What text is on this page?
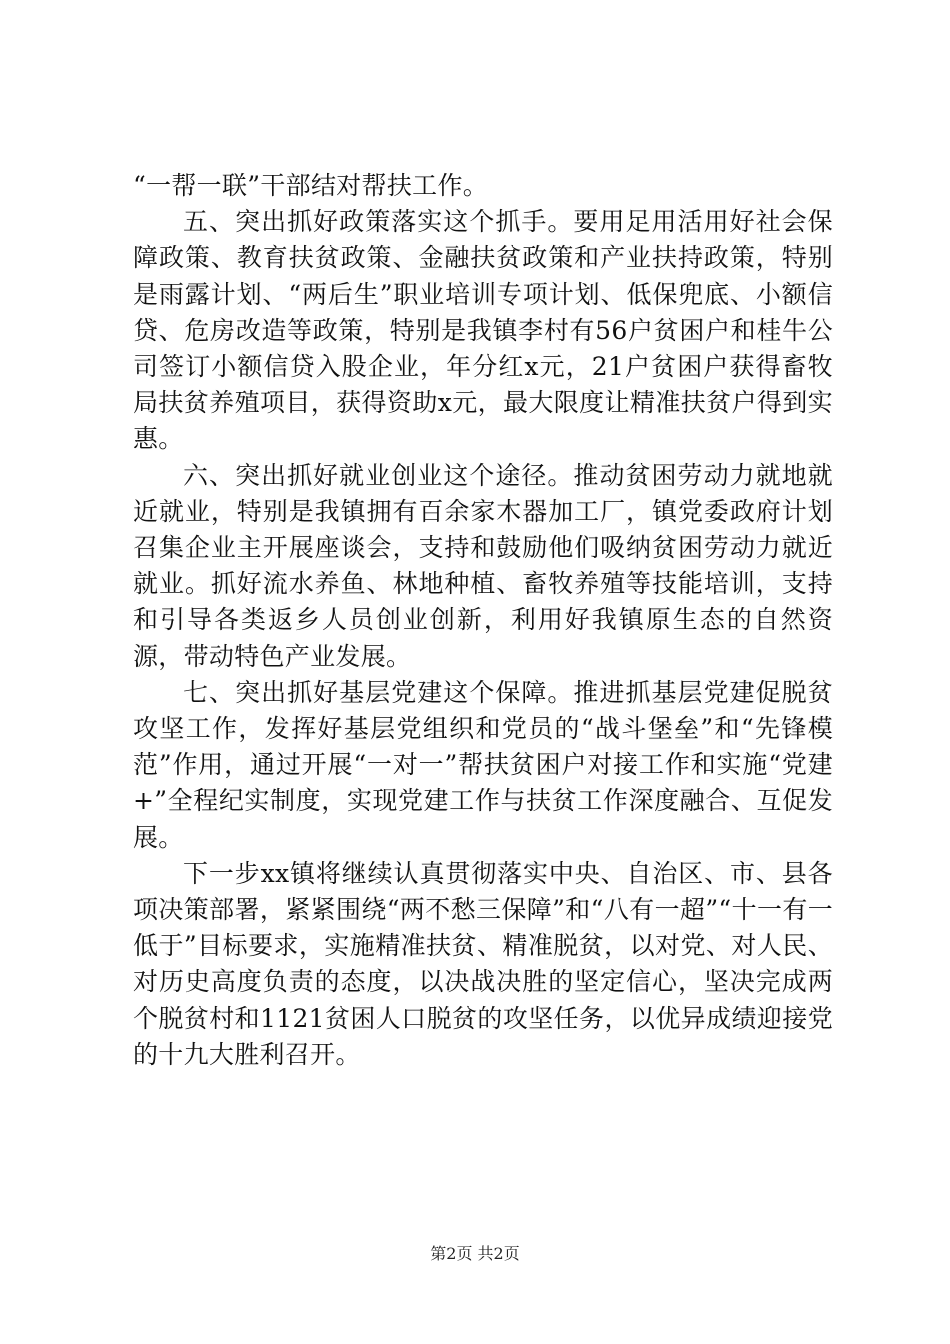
“一帮一联”干部结对帮扶工作。

五、突出抓好政策落实这个抓手。要用足用活用好社会保障政策、教育扶贫政策、金融扶贫政策和产业扶持政策，特别是雨露计划、“两后生”职业培训专项计划、低保兜底、小额信贷、危房改造等政策，特别是我镇李村有56户贫困户和桂牛公司签订小额信贷入股企业，年分红x元，21户贫困户获得畜牧局扶贫养殖项目，获得资助x元，最大限度让精准扶贫户得到实惠。

六、突出抓好就业创业这个途径。推动贫困劳动力就地就近就业，特别是我镇拥有百余家木器加工厂，镇党委政府计划召集企业主开展座谈会，支持和鼓励他们吸纳贫困劳动力就近就业。抓好流水养鱼、林地种植、畜牧养殖等技能培训，支持和引导各类返乡人员创业创新，利用好我镇原生态的自然资源，带动特色产业发展。

七、突出抓好基层党建这个保障。推进抓基层党建促脱贫攻坚工作，发挥好基层党组织和党员的“战斗堡垒”和“先锋模范”作用，通过开展“一对一”帮扶贫困户对接工作和实施“党建+”全程纪实制度，实现党建工作与扶贫工作深度融合、互促发展。

下一步xx镇将继续认真贯彻落实中央、自治区、市、县各项决策部署，紧紧围绕“两不愁三保障”和“八有一超”“十一有一低于”目标要求，实施精准扶贫、精准脱贫，以对党、对人民、对历史高度负责的态度，以决战决胜的坚定信心，坚决完成两个脱贫村和1121贫困人口脱贫的攻坚任务，以优异成绩迎接党的十九大胜利召开。

第2页 共2页
